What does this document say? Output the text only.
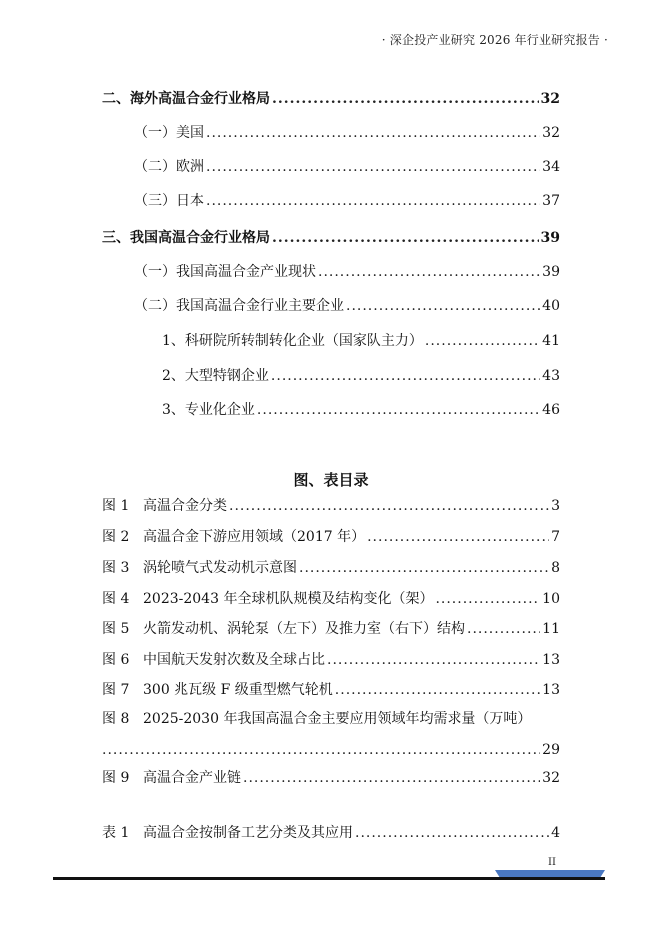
· 深企投产业研究 2026 年行业研究报告 ·
二、海外高温合金行业格局 .....	32
（一）美国 .....	32
（二）欧洲 .....	34
（三）日本 .....	37
三、我国高温合金行业格局 .....	39
（一）我国高温合金产业现状 .....	39
（二）我国高温合金行业主要企业 .....	40
1、科研院所转制转化企业（国家队主力） .....	41
2、大型特钢企业 .....	43
3、专业化企业 .....	46
图、表目录
图 1 高温合金分类 .....	3
图 2 高温合金下游应用领域（2017 年） .....	7
图 3 涡轮喷气式发动机示意图 .....	8
图 4 2023-2043 年全球机队规模及结构变化（架） .....	10
图 5 火箭发动机、涡轮泵（左下）及推力室（右下）结构 .....	11
图 6 中国航天发射次数及全球占比 .....	13
图 7 300 兆瓦级 F 级重型燃气轮机 .....	13
图 8 2025-2030 年我国高温合金主要应用领域年均需求量（万吨）
.....
29
图 9 高温合金产业链 .....	32
表 1 高温合金按制备工艺分类及其应用 .....	4
II
